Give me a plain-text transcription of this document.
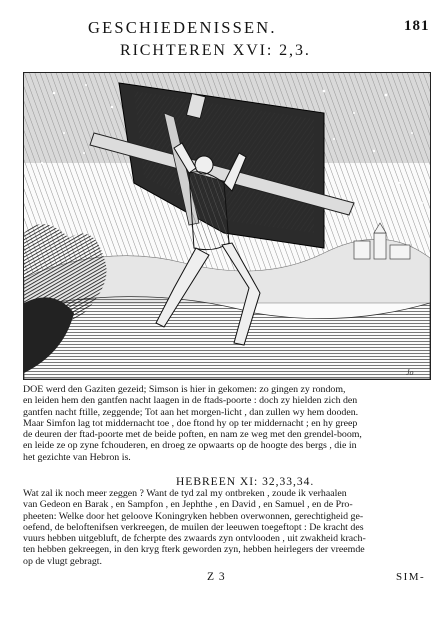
GESCHIEDENISSEN.	181
RICHTEREN XVI: 2,3.
Jo
DOE werd den Gaziten gezeid; Simson is hier in gekomen: zo gingen zy rondom,
en leiden hem den gantfen nacht laagen in de ftads-poorte : doch zy hielden zich den
gantfen nacht ftille, zeggende; Tot aan het morgen-licht , dan zullen wy hem dooden.
Maar Simfon lag tot middernacht toe , doe ftond hy op ter middernacht ; en hy greep
de deuren der ftad-poorte met de beide poften, en nam ze weg met den grendel-boom,
en leide ze op zyne fchouderen, en droeg ze opwaarts op de hoogte des bergs , die in
het gezichte van Hebron is.
HEBREEN XI: 32,33,34.
Wat zal ik noch meer zeggen ? Want de tyd zal my ontbreken , zoude ik verhaalen
van Gedeon en Barak , en Sampfon , en Jephthe , en David , en Samuel , en de Pro-
pheeten: Welke door het geloove Koningryken hebben overwonnen, gerechtigheid ge-
oefend, de beloftenifsen verkreegen, de muilen der leeuwen toegeftopt : De kracht des
vuurs hebben uitgebluft, de fcherpte des zwaards zyn ontvlooden , uit zwakheid krach-
ten hebben gekreegen, in den kryg fterk geworden zyn, hebben heirlegers der vreemde
op de vlugt gebragt.
Z 3	SIM-
